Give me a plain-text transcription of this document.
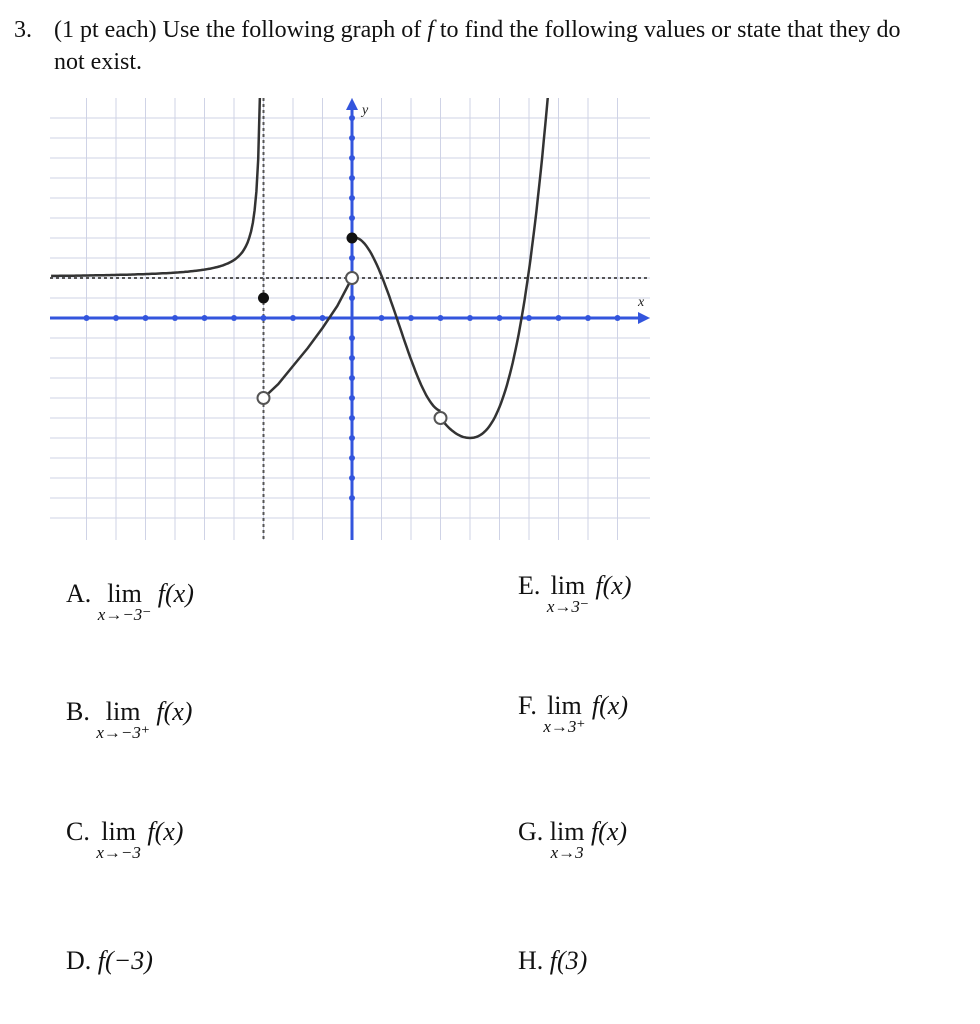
3. (1 pt each) Use the following graph of f to find the following values or state that they do
not exist.
x
y
A. lim
x→−3⁻
f(x)	E. lim
x→3⁻
f(x)
B. lim
x→−3⁺
f(x)	F. lim
x→3⁺
f(x)
C. lim
x→−3
f(x)	G. lim
x→3
f(x)
D. f(−3)	H. f(3)
